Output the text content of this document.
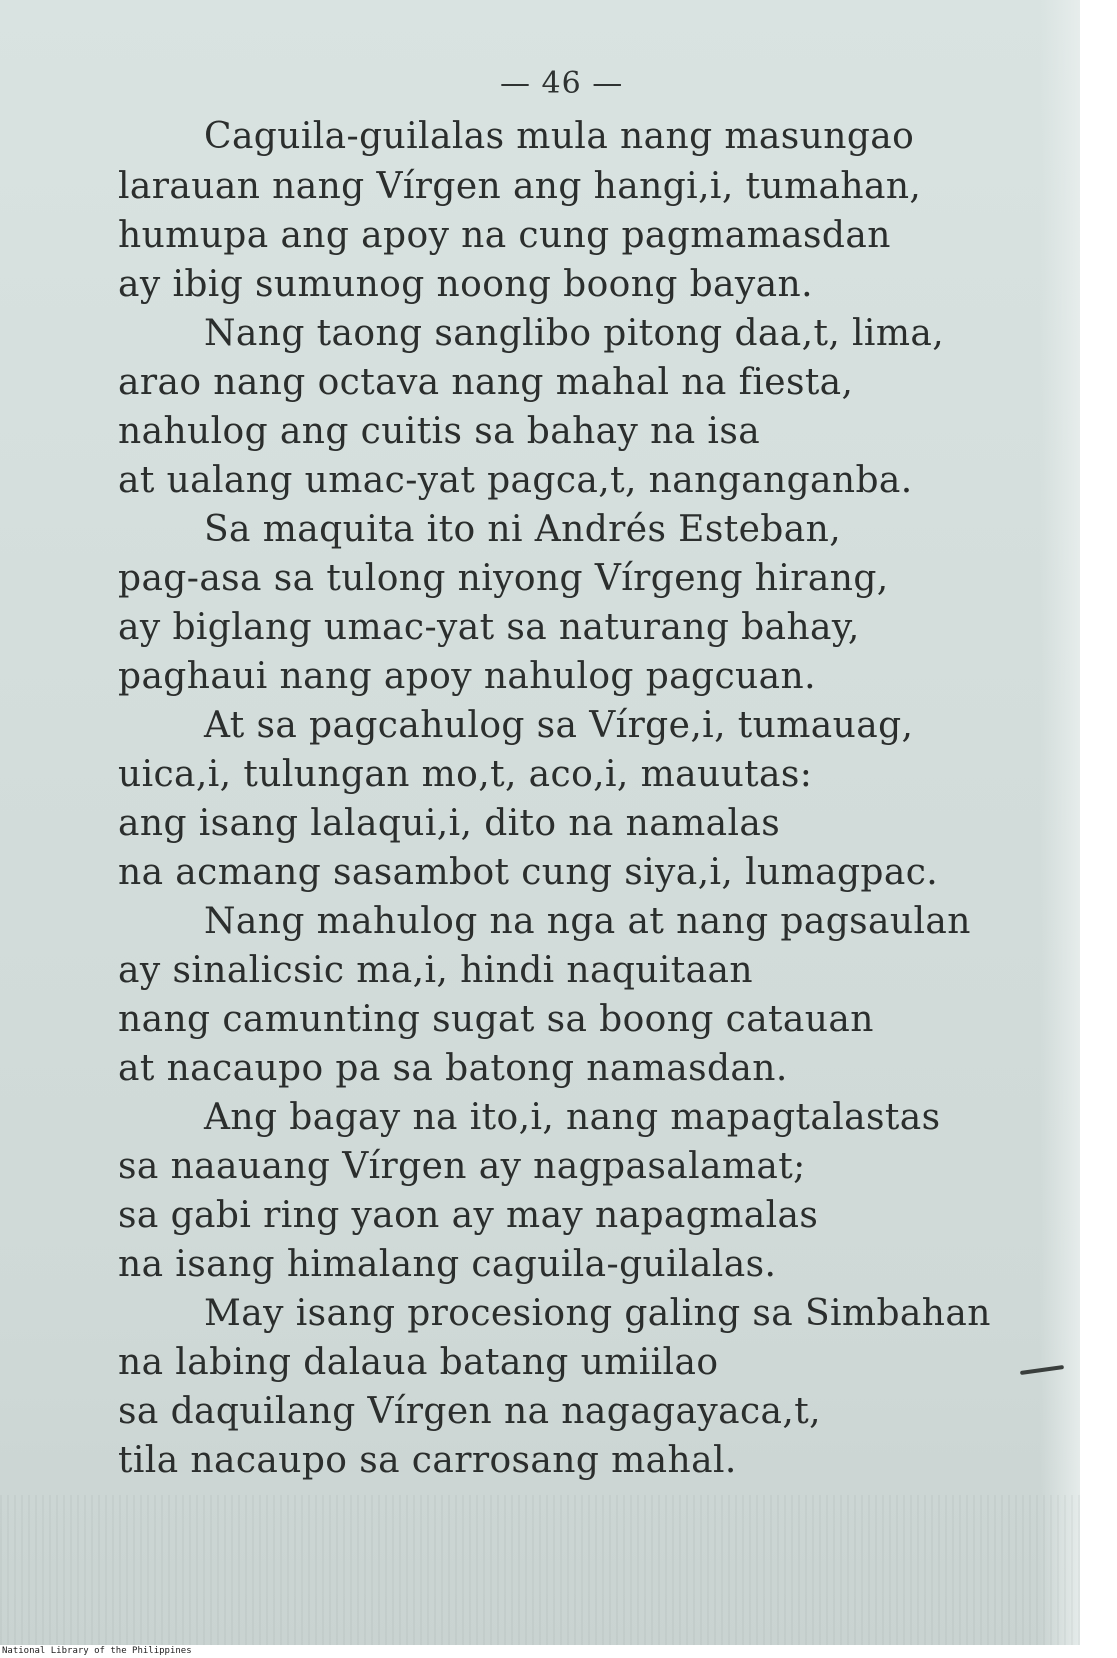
— 46 —
Caguila-guilalas mula nang masungao
larauan nang Vírgen ang hangi,i, tumahan,
humupa ang apoy na cung pagmamasdan
ay ibig sumunog noong boong bayan.
Nang taong sanglibo pitong daa,t, lima,
arao nang octava nang mahal na fiesta,
nahulog ang cuitis sa bahay na isa
at ualang umac-yat pagca,t, nanganganba.
Sa maquita ito ni Andrés Esteban,
pag-asa sa tulong niyong Vírgeng hirang,
ay biglang umac-yat sa naturang bahay,
paghaui nang apoy nahulog pagcuan.
At sa pagcahulog sa Vírge,i, tumauag,
uica,i, tulungan mo,t, aco,i, mauutas:
ang isang lalaqui,i, dito na namalas
na acmang sasambot cung siya,i, lumagpac.
Nang mahulog na nga at nang pagsaulan
ay sinalicsic ma,i, hindi naquitaan
nang camunting sugat sa boong catauan
at nacaupo pa sa batong namasdan.
Ang bagay na ito,i, nang mapagtalastas
sa naauang Vírgen ay nagpasalamat;
sa gabi ring yaon ay may napagmalas
na isang himalang caguila-guilalas.
May isang procesiong galing sa Simbahan
na labing dalaua batang umiilao
sa daquilang Vírgen na nagagayaca,t,
tila nacaupo sa carrosang mahal.
National Library of the Philippines
